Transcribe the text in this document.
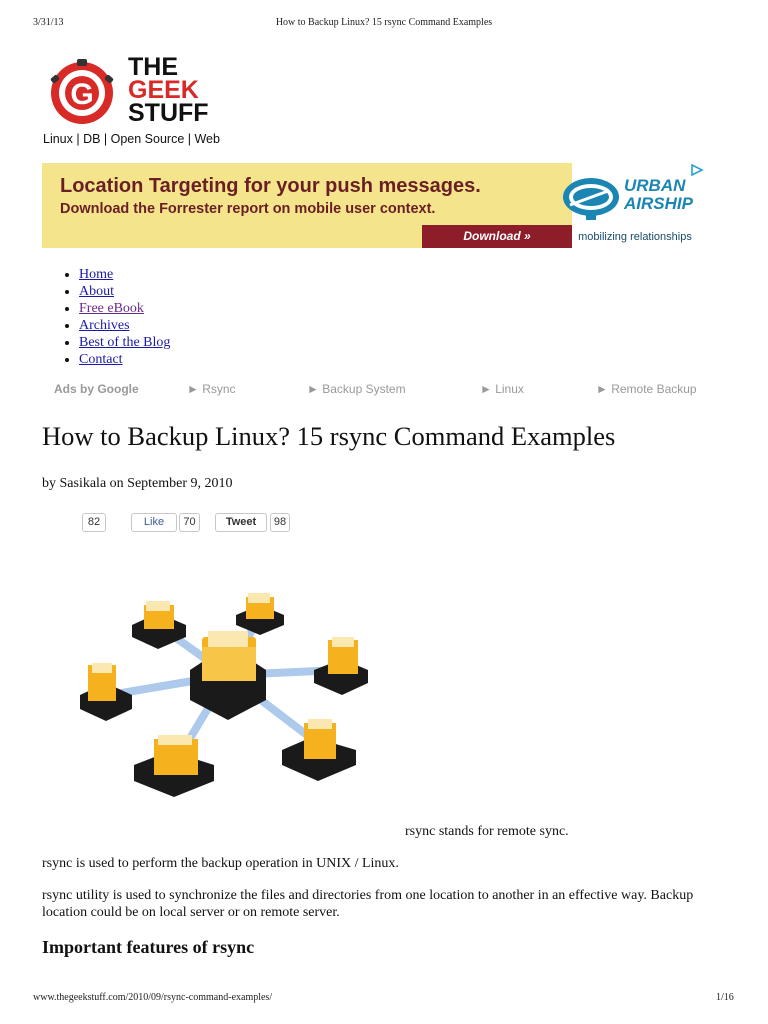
3/31/13	How to Backup Linux? 15 rsync Command Examples
G
THE
GEEK
STUFF
Linux | DB | Open Source | Web
Location Targeting for your push messages.
Download the Forrester report on mobile user context.
Download »
URBAN
AIRSHIP
mobilizing relationships
• Home
• About
• Free eBook
• Archives
• Best of the Blog
• Contact
Ads by Google	► Rsync	► Backup System	► Linux	► Remote Backup
How to Backup Linux? 15 rsync Command Examples
by Sasikala on September 9, 2010
82	Like	70	Tweet	98
rsync stands for remote sync.
rsync is used to perform the backup operation in UNIX / Linux.
rsync utility is used to synchronize the files and directories from one location to another in an effective way. Backup location could be on local server or on remote server.
Important features of rsync
www.thegeekstuff.com/2010/09/rsync-command-examples/	1/16
